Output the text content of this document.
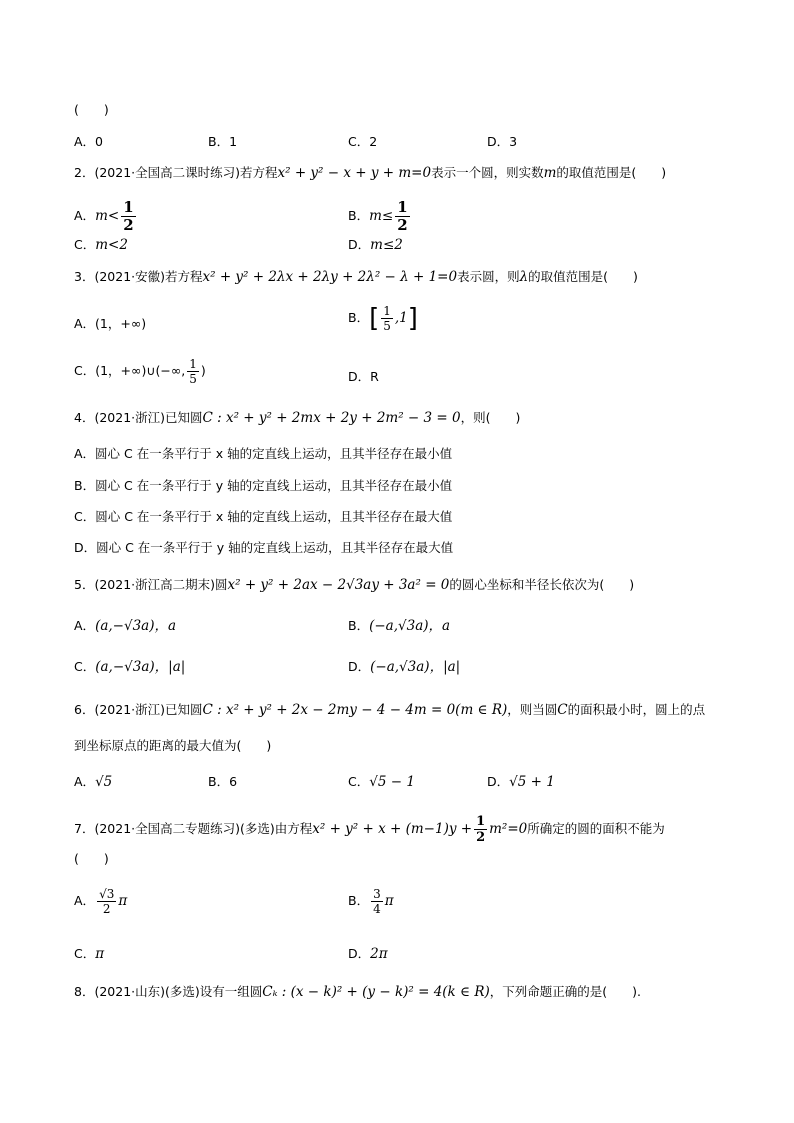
(　　)
A．0	B．1	C．2	D．3
2．(2021·全国高二课时练习)若方程x² + y² − x + y + m=0表示一个圆，则实数m的取值范围是(　　)
A．$m< \frac{1}{2}$	B．$m\le \frac{1}{2}$
C．m<2	D．m≤2
3．(2021·安徽)若方程x² + y² + 2λx + 2λy + 2λ² − λ + 1=0表示圆，则λ的取值范围是(　　)
A．(1，+∞)	B．[ $\frac{1}{5} ,1$]
C．(1，+∞)∪(−∞, $\frac{1}{5}$ )	D．R
4．(2021·浙江)已知圆C : x² + y² + 2mx + 2y + 2m² − 3 = 0，则(　　)
A．圆心 C 在一条平行于 x 轴的定直线上运动，且其半径存在最小值
B．圆心 C 在一条平行于 y 轴的定直线上运动，且其半径存在最小值
C．圆心 C 在一条平行于 x 轴的定直线上运动，且其半径存在最大值
D．圆心 C 在一条平行于 y 轴的定直线上运动，且其半径存在最大值
5．(2021·浙江高二期末)圆x² + y² + 2ax − 2√3ay + 3a² = 0的圆心坐标和半径长依次为(　　)
A．(a,−√3a)，a	B．(−a,√3a)，a
C．(a,−√3a)，|a|	D．(−a,√3a)，|a|
6．(2021·浙江)已知圆C : x² + y² + 2x − 2my − 4 − 4m = 0(m ∈ R)，则当圆C的面积最小时，圆上的点
到坐标原点的距离的最大值为(　　)
A．√5	B．6	C．√5 − 1	D．√5 + 1
7．(2021·全国高二专题练习)(多选)由方程$x^2 + y^2 + x + (m-1)y + \frac{1}{2} m^2=0$所确定的圆的面积不能为
(　　)
A． $\frac{√3}{2}$ π	B． $\frac{3}{4}$ π
C．π	D．2π
8．(2021·山东)(多选)设有一组圆Cₖ : (x − k)² + (y − k)² = 4(k ∈ R)，下列命题正确的是(　　).
